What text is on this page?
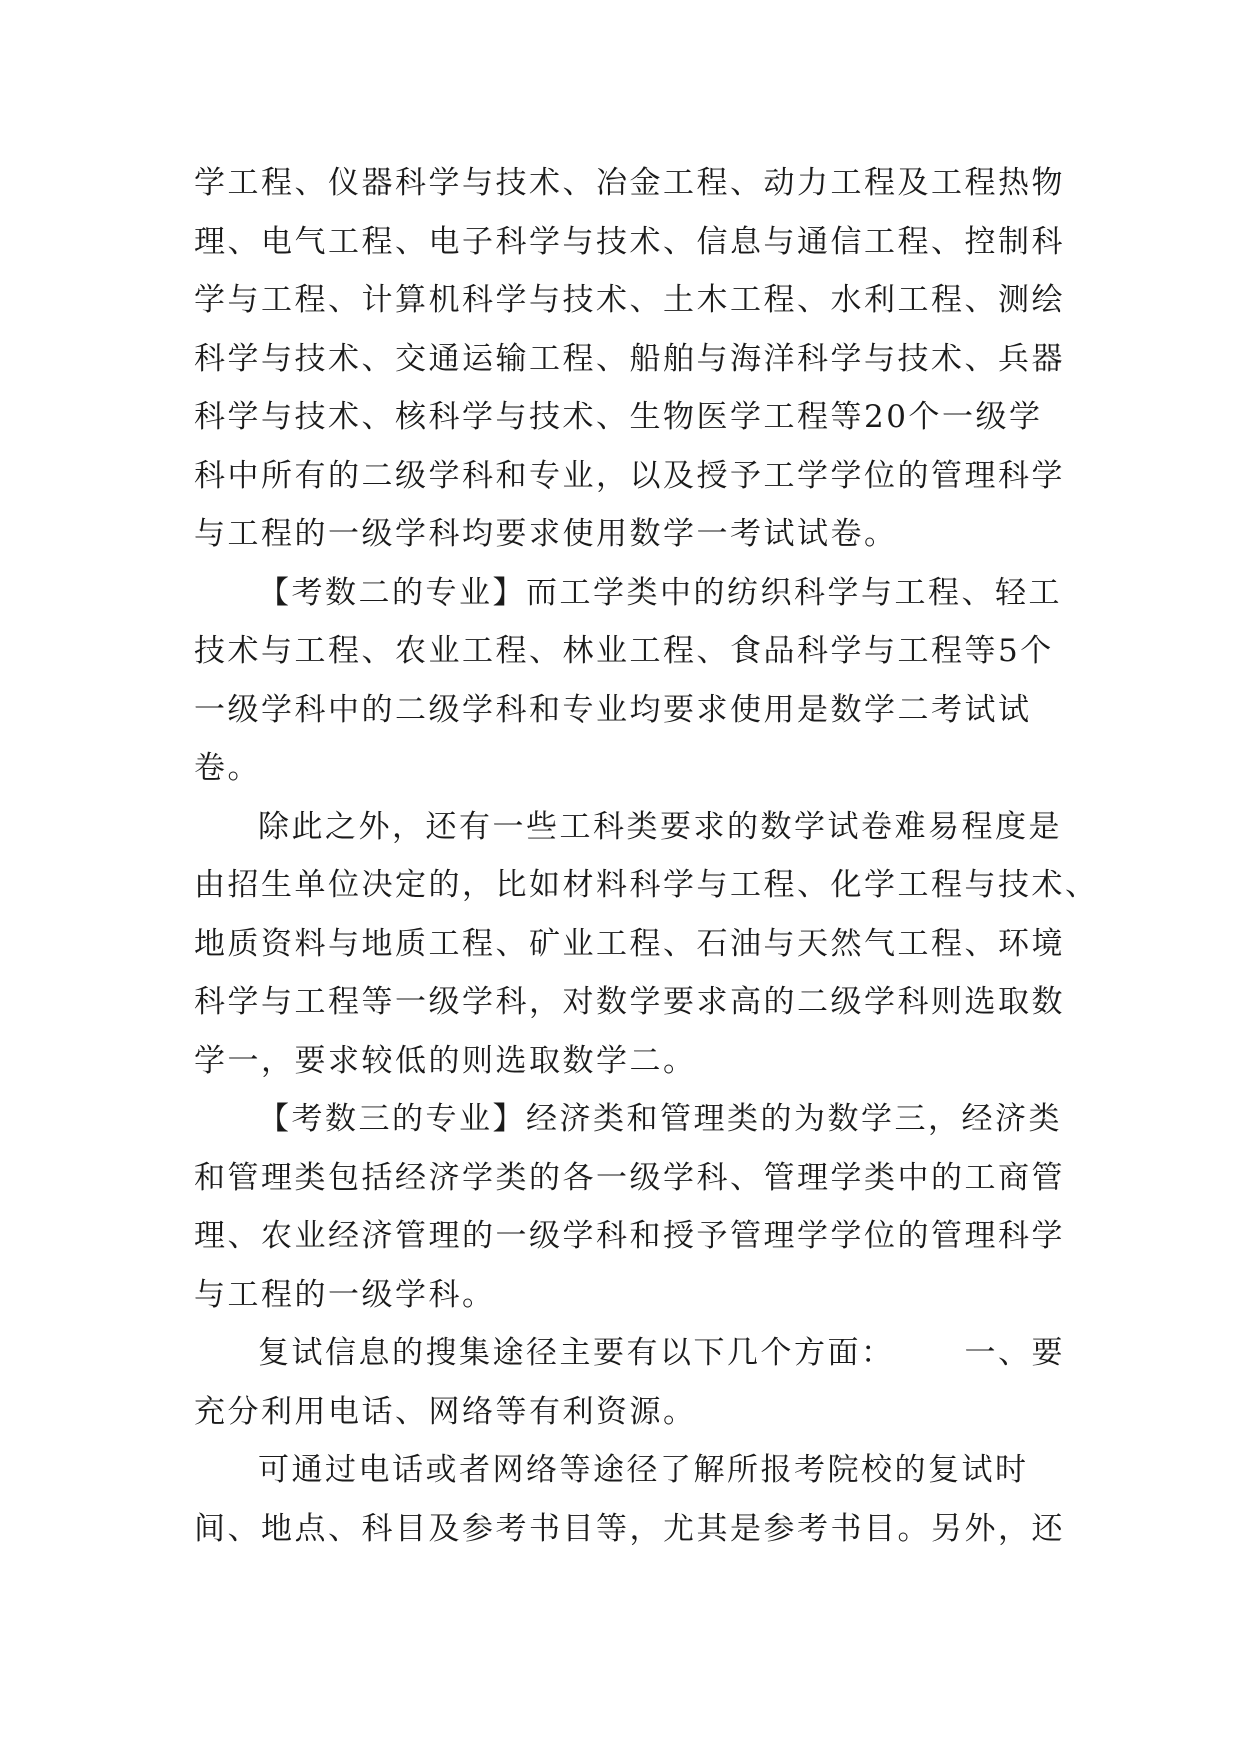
学工程、仪器科学与技术、冶金工程、动力工程及工程热物
理、电气工程、电子科学与技术、信息与通信工程、控制科
学与工程、计算机科学与技术、土木工程、水利工程、测绘
科学与技术、交通运输工程、船舶与海洋科学与技术、兵器
科学与技术、核科学与技术、生物医学工程等20个一级学
科中所有的二级学科和专业，以及授予工学学位的管理科学
与工程的一级学科均要求使用数学一考试试卷。
【考数二的专业】而工学类中的纺织科学与工程、轻工
技术与工程、农业工程、林业工程、食品科学与工程等5个
一级学科中的二级学科和专业均要求使用是数学二考试试
卷。
除此之外，还有一些工科类要求的数学试卷难易程度是
由招生单位决定的，比如材料科学与工程、化学工程与技术、
地质资料与地质工程、矿业工程、石油与天然气工程、环境
科学与工程等一级学科，对数学要求高的二级学科则选取数
学一，要求较低的则选取数学二。
【考数三的专业】经济类和管理类的为数学三，经济类
和管理类包括经济学类的各一级学科、管理学类中的工商管
理、农业经济管理的一级学科和授予管理学学位的管理科学
与工程的一级学科。
复试信息的搜集途径主要有以下几个方面： 一、要
充分利用电话、网络等有利资源。
可通过电话或者网络等途径了解所报考院校的复试时
间、地点、科目及参考书目等，尤其是参考书目。另外，还
